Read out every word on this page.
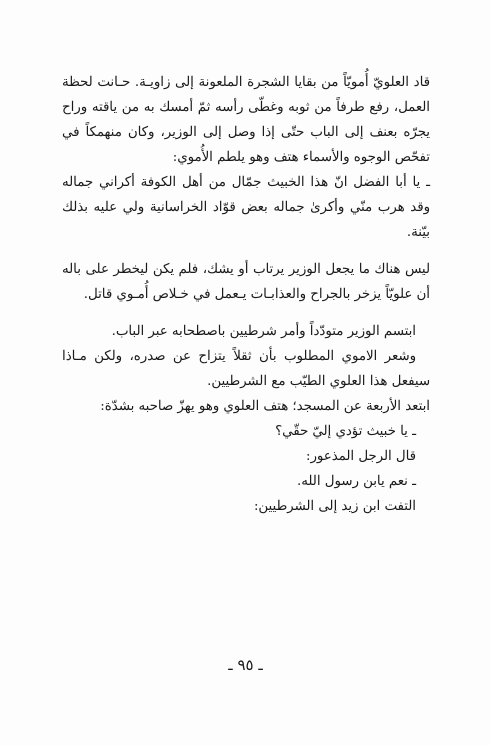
قاد العلويّ أُمويّاً من بقايا الشجرة الملعونة إلى زاويـة. حـانت لحظة العمل، رفع طرفاً من ثوبه وغطّى رأسه ثمّ أمسك به من ياقته وراح يجرّه بعنف إلى الباب حتّى إذا وصل إلى الوزير، وكان منهمكاً في تفحّص الوجوه والأسماء هتف وهو يلطم الأُموي:

ـ يا أبا الفضل انّ هذا الخبيث جمّال من أهل الكوفة أكراني جماله وقد هرب منّي وأكرىٰ جماله بعض قوّاد الخراسانية ولي عليه بذلك بيّنة.

ليس هناك ما يجعل الوزير يرتاب أو يشك، فلم يكن ليخطر على باله أن علويّاً يزخر بالجراح والعذابـات يـعمل في خـلاص أُمـوي قاتل.

ابتسم الوزير متودّداً وأمر شرطيين باصطحابه عبر الباب.

وشعر الاموي المطلوب بأن ثقلاً يتزاح عن صدره، ولكن مـاذا سيفعل هذا العلوي الطيّب مع الشرطيين.

ابتعد الأربعة عن المسجد؛ هتف العلوي وهو يهزّ صاحبه بشدّة:

ـ يا خبيث تؤدي إليّ حقّي؟

قال الرجل المذعور:

ـ نعم يابن رسول الله.

التفت ابن زيد إلى الشرطيين:

ـ ٩٥ ـ
